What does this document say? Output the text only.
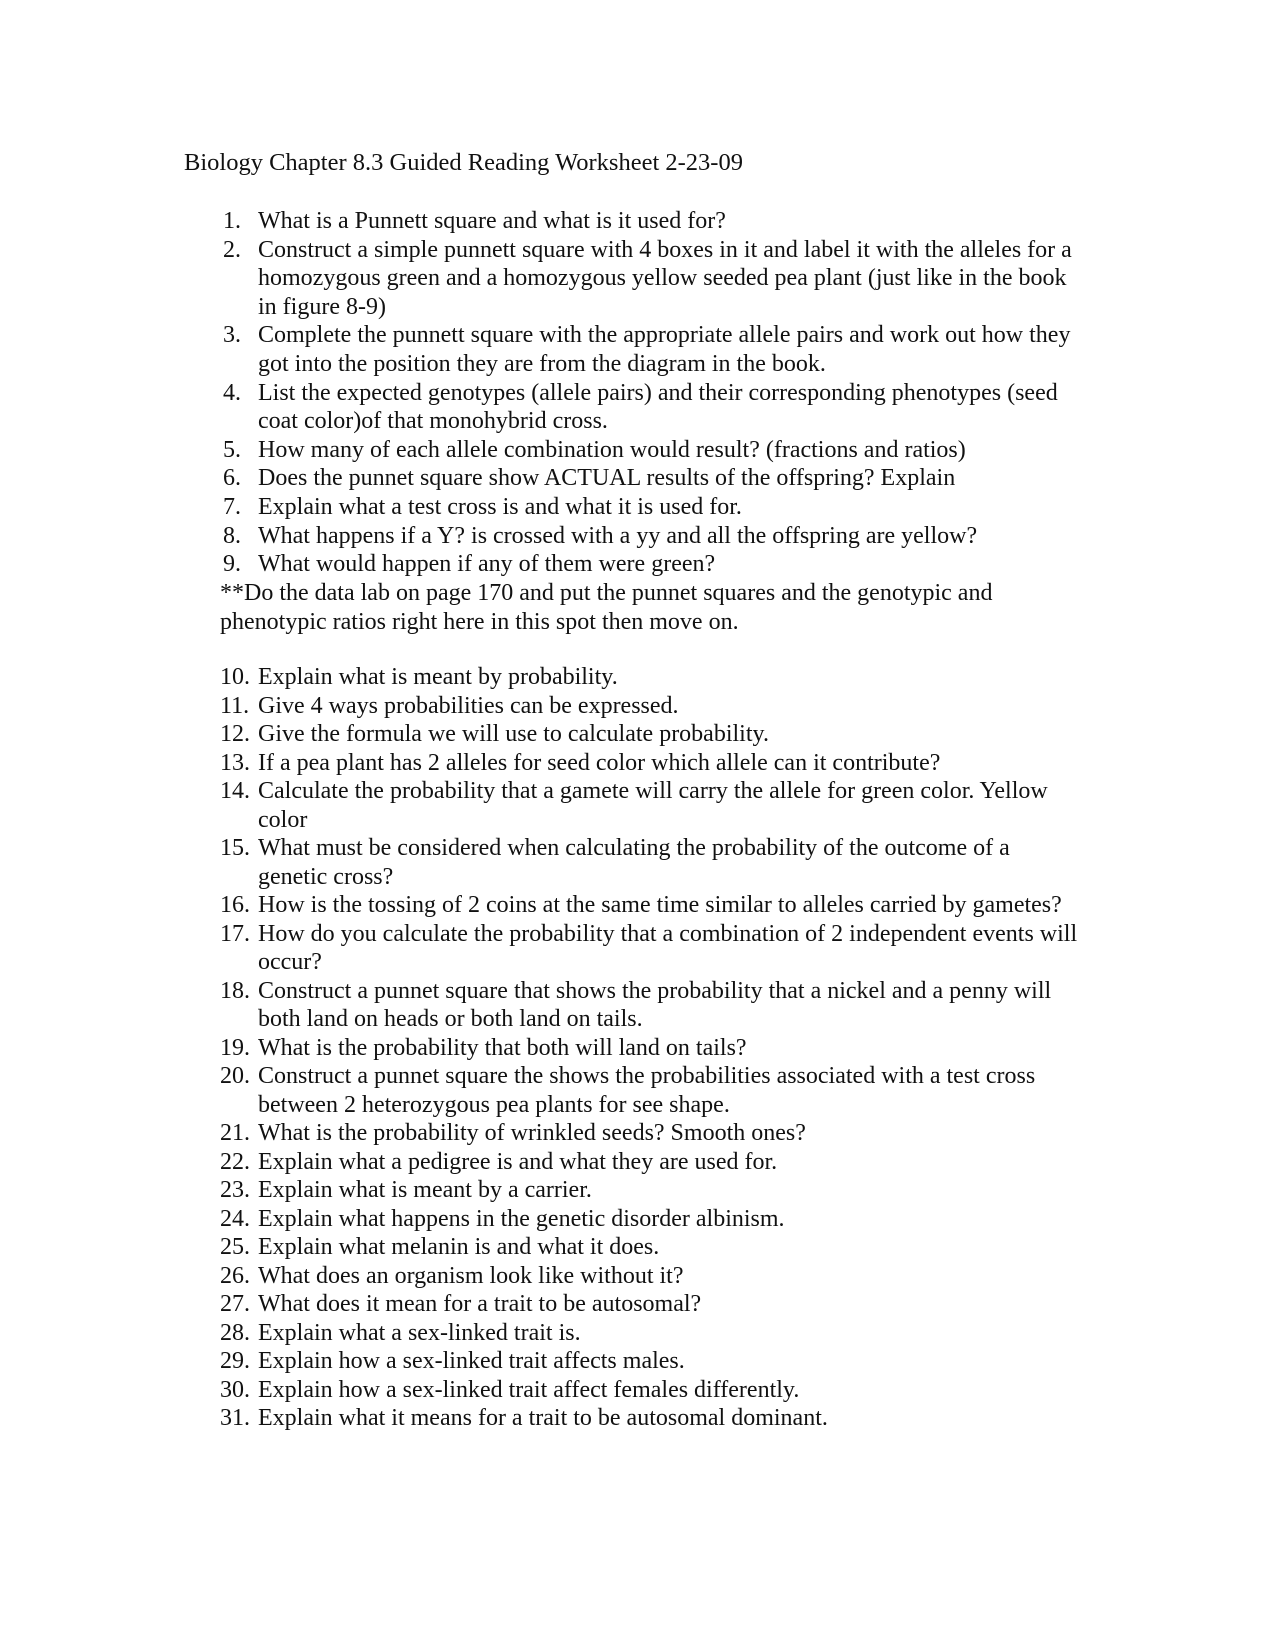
Biology Chapter 8.3 Guided Reading Worksheet 2-23-09
1. What is a Punnett square and what is it used for?
2. Construct a simple punnett square with 4 boxes in it and label it with the alleles for a homozygous green and a homozygous yellow seeded pea plant (just like in the book in figure 8-9)
3. Complete the punnett square with the appropriate allele pairs and work out how they got into the position they are from the diagram in the book.
4. List the expected genotypes (allele pairs) and their corresponding phenotypes (seed coat color)of that monohybrid cross.
5. How many of each allele combination would result? (fractions and ratios)
6. Does the punnet square show ACTUAL results of the offspring? Explain
7. Explain what a test cross is and what it is used for.
8. What happens if a Y? is crossed with a yy and all the offspring are yellow?
9. What would happen if any of them were green?
**Do the data lab on page 170 and put the punnet squares and the genotypic and phenotypic ratios right here in this spot then move on.
10. Explain what is meant by probability.
11. Give 4 ways probabilities can be expressed.
12. Give the formula we will use to calculate probability.
13. If a pea plant has 2 alleles for seed color which allele can it contribute?
14. Calculate the probability that a gamete will carry the allele for green color. Yellow color
15. What must be considered when calculating the probability of the outcome of a genetic cross?
16. How is the tossing of 2 coins at the same time similar to alleles carried by gametes?
17. How do you calculate the probability that a combination of 2 independent events will occur?
18. Construct a punnet square that shows the probability that a nickel and a penny will both land on heads or both land on tails.
19. What is the probability that both will land on tails?
20. Construct a punnet square the shows the probabilities associated with a test cross between 2 heterozygous pea plants for see shape.
21. What is the probability of wrinkled seeds? Smooth ones?
22. Explain what a pedigree is and what they are used for.
23. Explain what is meant by a carrier.
24. Explain what happens in the genetic disorder albinism.
25. Explain what melanin is and what it does.
26. What does an organism look like without it?
27. What does it mean for a trait to be autosomal?
28. Explain what a sex-linked trait is.
29. Explain how a sex-linked trait affects males.
30. Explain how a sex-linked trait affect females differently.
31. Explain what it means for a trait to be autosomal dominant.
